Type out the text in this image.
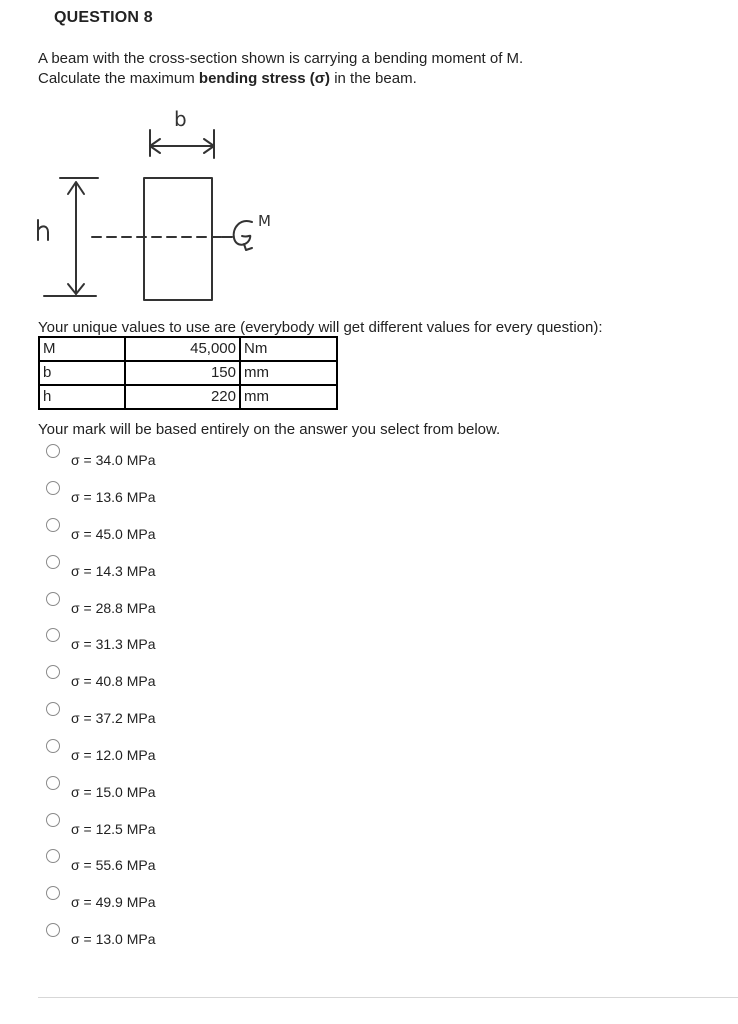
QUESTION 8
A beam with the cross-section shown is carrying a bending moment of M.
Calculate the maximum bending stress (σ) in the beam.
b
M
h
Your unique values to use are (everybody will get different values for every question):
M	45,000	Nm
b	150	mm
h	220	mm
Your mark will be based entirely on the answer you select from below.
σ = 34.0 MPa
σ = 13.6 MPa
σ = 45.0 MPa
σ = 14.3 MPa
σ = 28.8 MPa
σ = 31.3 MPa
σ = 40.8 MPa
σ = 37.2 MPa
σ = 12.0 MPa
σ = 15.0 MPa
σ = 12.5 MPa
σ = 55.6 MPa
σ = 49.9 MPa
σ = 13.0 MPa
